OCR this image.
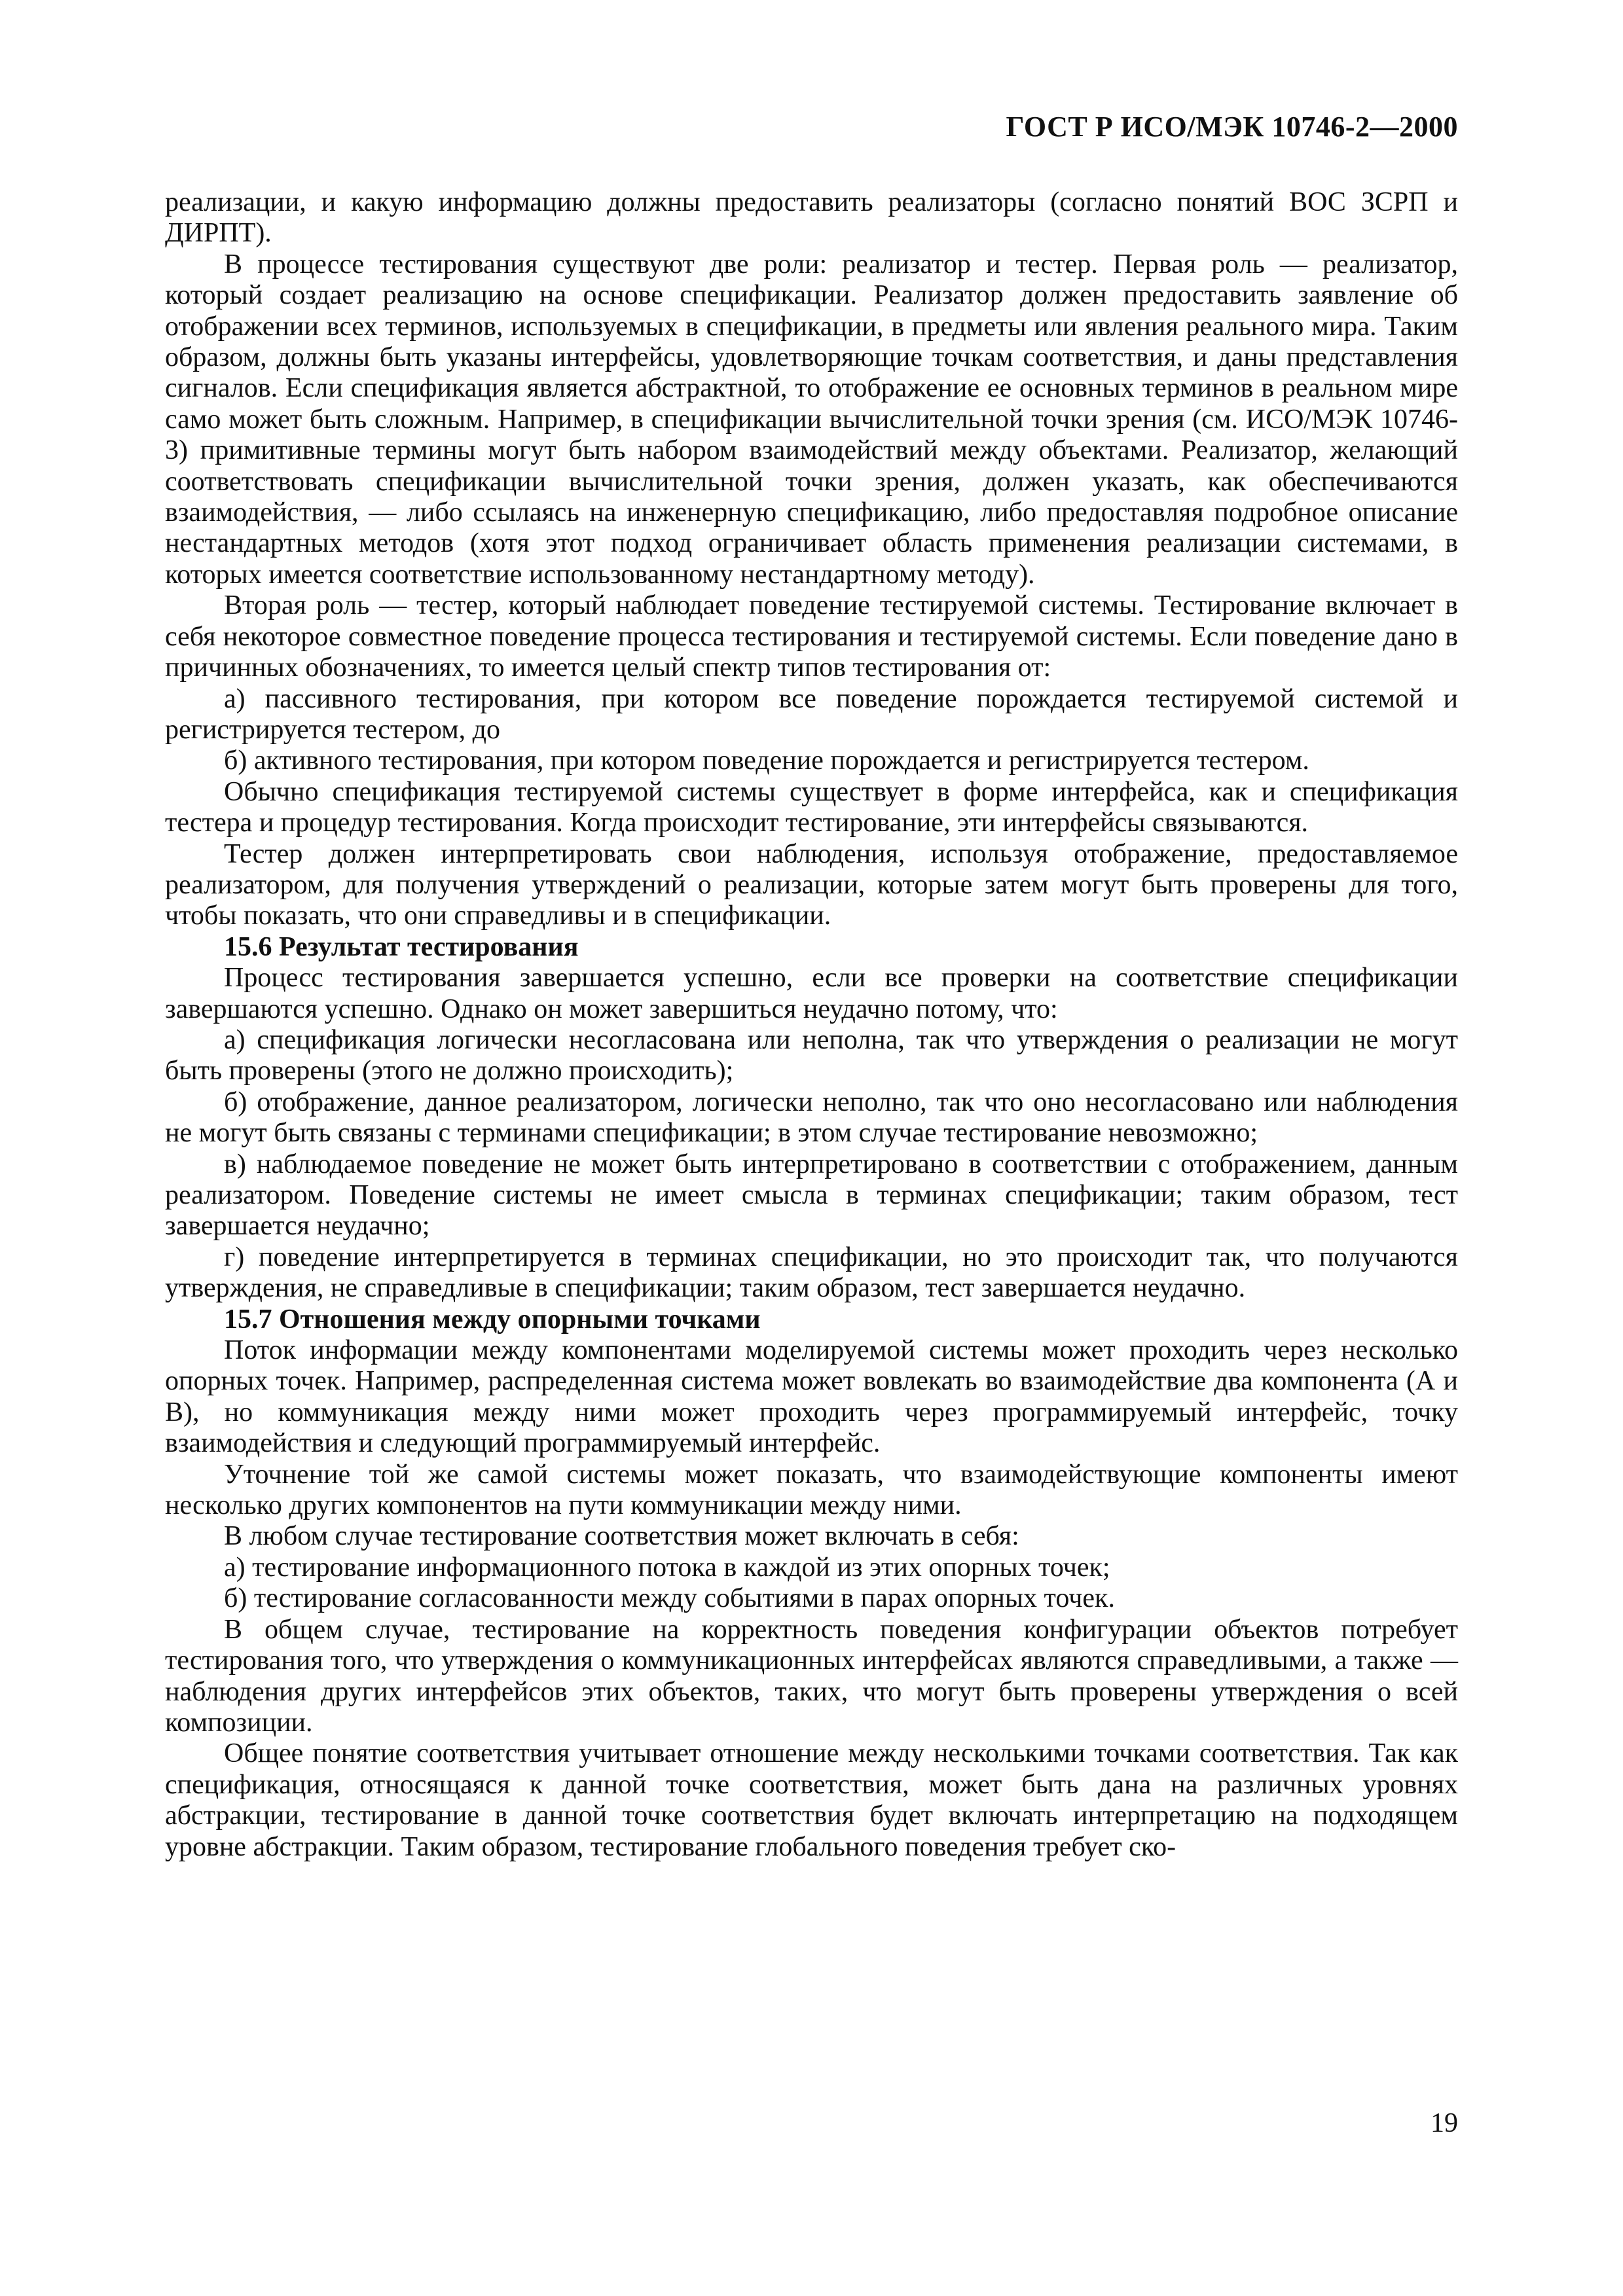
ГОСТ Р ИСО/МЭК 10746-2—2000

реализации, и какую информацию должны предоставить реализаторы (согласно понятий ВОС ЗСРП и ДИРПТ).

В процессе тестирования существуют две роли: реализатор и тестер. Первая роль — реализатор, который создает реализацию на основе спецификации. Реализатор должен предоставить заявление об отображении всех терминов, используемых в спецификации, в предметы или явления реального мира. Таким образом, должны быть указаны интерфейсы, удовлетворяющие точкам соответствия, и даны представления сигналов. Если спецификация является абстрактной, то отображение ее основных терминов в реальном мире само может быть сложным. Например, в спецификации вычислительной точки зрения (см. ИСО/МЭК 10746-3) примитивные термины могут быть набором взаимодействий между объектами. Реализатор, желающий соответствовать спецификации вычислительной точки зрения, должен указать, как обеспечиваются взаимодействия, — либо ссылаясь на инженерную спецификацию, либо предоставляя подробное описание нестандартных методов (хотя этот подход ограничивает область применения реализации системами, в которых имеется соответствие использованному нестандартному методу).

Вторая роль — тестер, который наблюдает поведение тестируемой системы. Тестирование включает в себя некоторое совместное поведение процесса тестирования и тестируемой системы. Если поведение дано в причинных обозначениях, то имеется целый спектр типов тестирования от:

а) пассивного тестирования, при котором все поведение порождается тестируемой системой и регистрируется тестером, до

б) активного тестирования, при котором поведение порождается и регистрируется тестером.

Обычно спецификация тестируемой системы существует в форме интерфейса, как и спецификация тестера и процедур тестирования. Когда происходит тестирование, эти интерфейсы связываются.

Тестер должен интерпретировать свои наблюдения, используя отображение, предоставляемое реализатором, для получения утверждений о реализации, которые затем могут быть проверены для того, чтобы показать, что они справедливы и в спецификации.

15.6 Результат тестирования

Процесс тестирования завершается успешно, если все проверки на соответствие спецификации завершаются успешно. Однако он может завершиться неудачно потому, что:

а) спецификация логически несогласована или неполна, так что утверждения о реализации не могут быть проверены (этого не должно происходить);

б) отображение, данное реализатором, логически неполно, так что оно несогласовано или наблюдения не могут быть связаны с терминами спецификации; в этом случае тестирование невозможно;

в) наблюдаемое поведение не может быть интерпретировано в соответствии с отображением, данным реализатором. Поведение системы не имеет смысла в терминах спецификации; таким образом, тест завершается неудачно;

г) поведение интерпретируется в терминах спецификации, но это происходит так, что получаются утверждения, не справедливые в спецификации; таким образом, тест завершается неудачно.

15.7 Отношения между опорными точками

Поток информации между компонентами моделируемой системы может проходить через несколько опорных точек. Например, распределенная система может вовлекать во взаимодействие два компонента (А и В), но коммуникация между ними может проходить через программируемый интерфейс, точку взаимодействия и следующий программируемый интерфейс.

Уточнение той же самой системы может показать, что взаимодействующие компоненты имеют несколько других компонентов на пути коммуникации между ними.

В любом случае тестирование соответствия может включать в себя:

а) тестирование информационного потока в каждой из этих опорных точек;

б) тестирование согласованности между событиями в парах опорных точек.

В общем случае, тестирование на корректность поведения конфигурации объектов потребует тестирования того, что утверждения о коммуникационных интерфейсах являются справедливыми, а также — наблюдения других интерфейсов этих объектов, таких, что могут быть проверены утверждения о всей композиции.

Общее понятие соответствия учитывает отношение между несколькими точками соответствия. Так как спецификация, относящаяся к данной точке соответствия, может быть дана на различных уровнях абстракции, тестирование в данной точке соответствия будет включать интерпретацию на подходящем уровне абстракции. Таким образом, тестирование глобального поведения требует ско-

19
